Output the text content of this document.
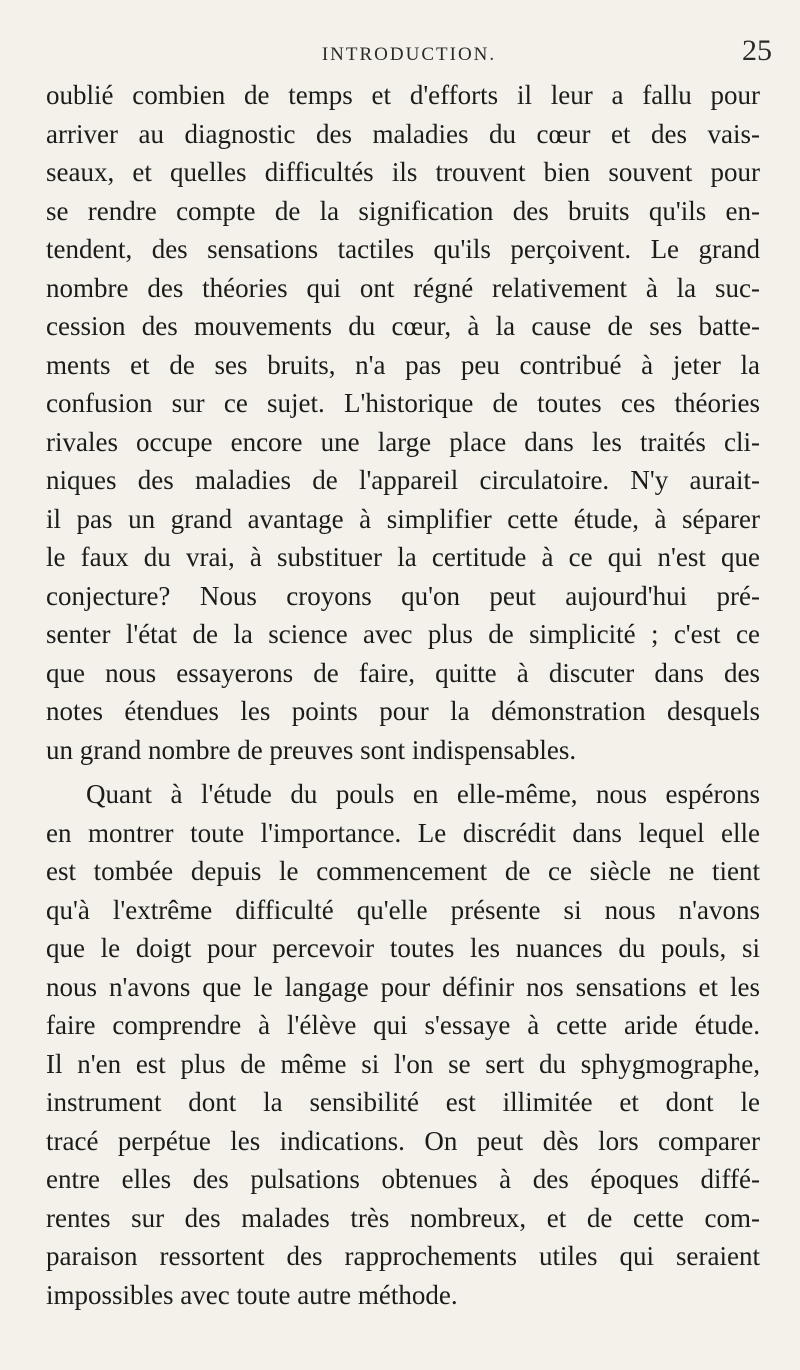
INTRODUCTION.	25
oublié combien de temps et d'efforts il leur a fallu pour
arriver au diagnostic des maladies du cœur et des vais-
seaux, et quelles difficultés ils trouvent bien souvent pour
se rendre compte de la signification des bruits qu'ils en-
tendent, des sensations tactiles qu'ils perçoivent. Le grand
nombre des théories qui ont régné relativement à la suc-
cession des mouvements du cœur, à la cause de ses batte-
ments et de ses bruits, n'a pas peu contribué à jeter la
confusion sur ce sujet. L'historique de toutes ces théories
rivales occupe encore une large place dans les traités cli-
niques des maladies de l'appareil circulatoire. N'y aurait-
il pas un grand avantage à simplifier cette étude, à séparer
le faux du vrai, à substituer la certitude à ce qui n'est que
conjecture? Nous croyons qu'on peut aujourd'hui pré-
senter l'état de la science avec plus de simplicité ; c'est ce
que nous essayerons de faire, quitte à discuter dans des
notes étendues les points pour la démonstration desquels
un grand nombre de preuves sont indispensables.
Quant à l'étude du pouls en elle-même, nous espérons
en montrer toute l'importance. Le discrédit dans lequel elle
est tombée depuis le commencement de ce siècle ne tient
qu'à l'extrême difficulté qu'elle présente si nous n'avons
que le doigt pour percevoir toutes les nuances du pouls, si
nous n'avons que le langage pour définir nos sensations et les
faire comprendre à l'élève qui s'essaye à cette aride étude.
Il n'en est plus de même si l'on se sert du sphygmographe,
instrument dont la sensibilité est illimitée et dont le
tracé perpétue les indications. On peut dès lors comparer
entre elles des pulsations obtenues à des époques diffé-
rentes sur des malades très nombreux, et de cette com-
paraison ressortent des rapprochements utiles qui seraient
impossibles avec toute autre méthode.
